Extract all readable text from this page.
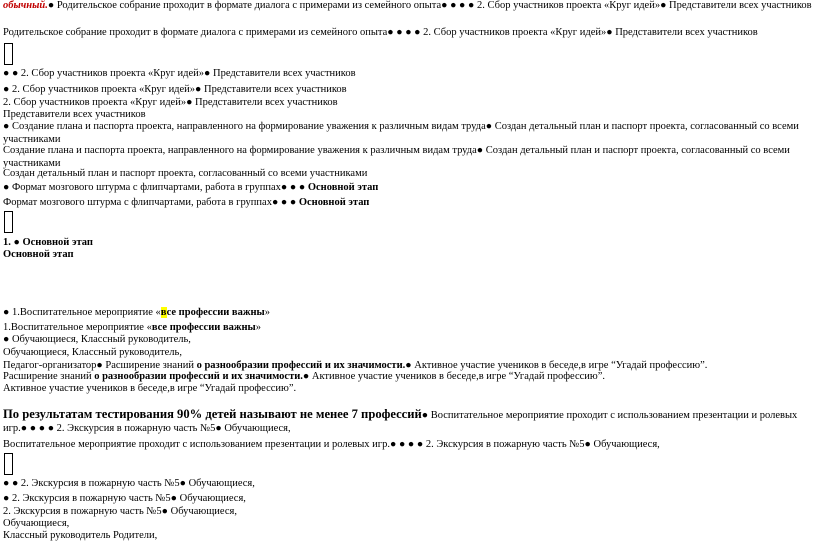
обычный.● Родительское собрание проходит в формате диалога с примерами из семейного опыта● ● ● ● 2. Сбор участников проекта «Круг идей»● Представители всех участников
Родительское собрание проходит в формате диалога с примерами из семейного опыта● ● ● ● 2. Сбор участников проекта «Круг идей»● Представители всех участников
● ● 2. Сбор участников проекта «Круг идей»● Представители всех участников
● 2. Сбор участников проекта «Круг идей»● Представители всех участников
2. Сбор участников проекта «Круг идей»● Представители всех участников
Представители всех участников
● Создание плана и паспорта проекта, направленного на формирование уважения к различным видам труда● Создан детальный план и паспорт проекта, согласованный со всеми участниками
Создание плана и паспорта проекта, направленного на формирование уважения к различным видам труда● Создан детальный план и паспорт проекта, согласованный со всеми участниками
Создан детальный план и паспорт проекта, согласованный со всеми участниками
● Формат мозгового штурма с флипчартами, работа в группах● ● ● Основной этап
Формат мозгового штурма с флипчартами, работа в группах● ● ● Основной этап
1. ● Основной этап
Основной этап
● 1.Воспитательное мероприятие «все профессии важны»
1.Воспитательное мероприятие «все профессии важны»
● Обучающиеся, Классный руководитель,
Обучающиеся, Классный руководитель,
Педагог-организатор● Расширение знаний о разнообразии профессий и их значимости.● Активное участие учеников в беседе,в игре “Угадай профессию”.
Расширение знаний о разнообразии профессий и их значимости.● Активное участие учеников в беседе,в игре “Угадай профессию”.
Активное участие учеников в беседе,в игре “Угадай профессию”.
По результатам тестирования 90% детей называют не менее 7 профессий● Воспитательное мероприятие проходит с использованием презентации и ролевых игр.● ● ● ● 2. Экскурсия в пожарную часть №5● Обучающиеся,
Воспитательное мероприятие проходит с использованием презентации и ролевых игр.● ● ● ● 2. Экскурсия в пожарную часть №5● Обучающиеся,
● ● 2. Экскурсия в пожарную часть №5● Обучающиеся,
● 2. Экскурсия в пожарную часть №5● Обучающиеся,
2. Экскурсия в пожарную часть №5● Обучающиеся,
Обучающиеся,
Классный руководитель Родители,
